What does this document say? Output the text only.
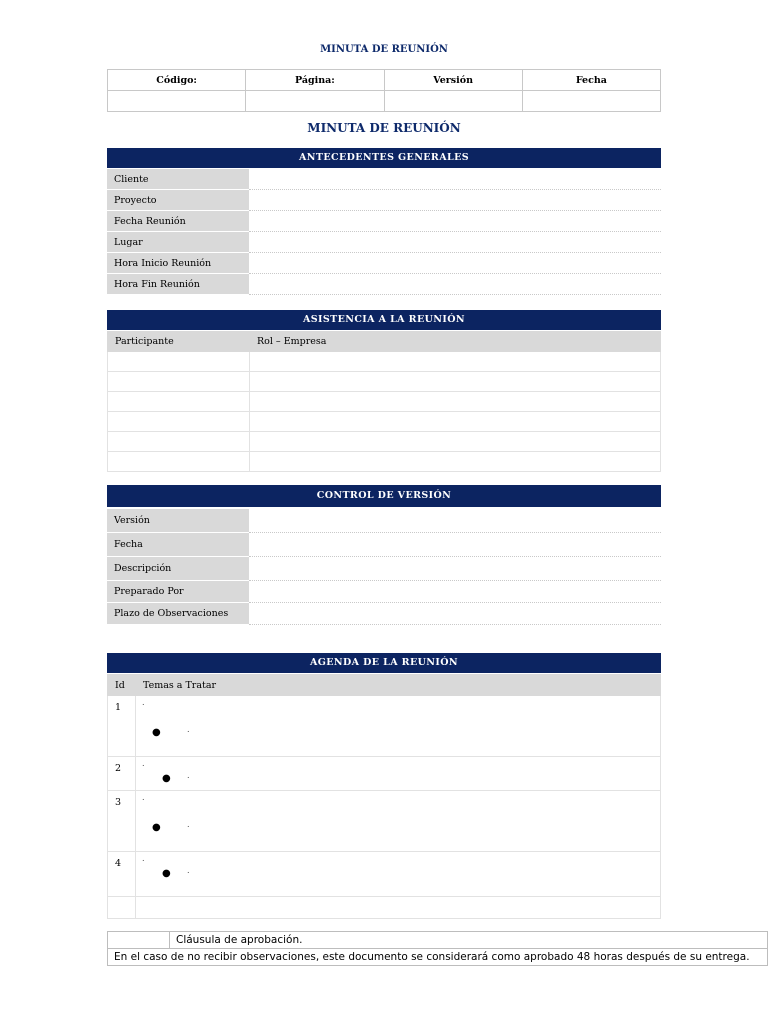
MINUTA DE REUNIÓN
Código:	Página:	Versión	Fecha

MINUTA DE REUNIÓN
ANTECEDENTES GENERALES
Cliente
Proyecto
Fecha Reunión
Lugar
Hora Inicio Reunión
Hora Fin Reunión
ASISTENCIA A LA REUNIÓN
Participante	Rol – Empresa

CONTROL DE VERSIÓN
Versión
Fecha
Descripción
Preparado Por
Plazo de Observaciones
AGENDA DE LA REUNIÓN
Id	Temas a Tratar
1	.
● .

2	.
● .

3	.
● .

4	.
● .

	Cláusula de aprobación.
En el caso de no recibir observaciones, este documento se considerará como aprobado 48 horas después de su entrega.
